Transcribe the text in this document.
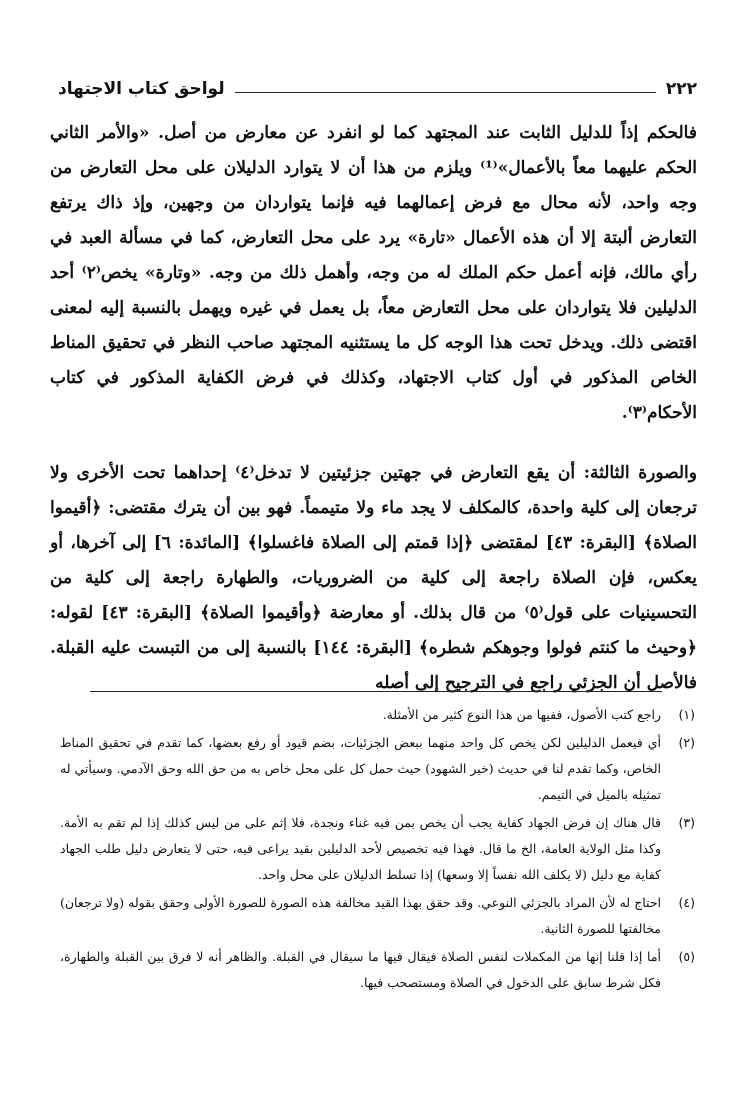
٢٢٢
لواحق كتاب الاجتهاد

فالحكم إذاً للدليل الثابت عند المجتهد كما لو انفرد عن معارض من أصل. «والأمر الثاني الحكم عليهما معاً بالأعمال»⁽¹⁾ ويلزم من هذا أن لا يتوارد الدليلان على محل التعارض من وجه واحد، لأنه محال مع فرض إعمالهما فيه فإنما يتواردان من وجهين، وإذ ذاك يرتفع التعارض ألبتة إلا أن هذه الأعمال «تارة» يرد على محل التعارض، كما في مسألة العبد في رأي مالك، فإنه أعمل حكم الملك له من وجه، وأهمل ذلك من وجه. «وتارة» يخص⁽٢⁾ أحد الدليلين فلا يتواردان على محل التعارض معاً، بل يعمل في غيره ويهمل بالنسبة إليه لمعنى اقتضى ذلك. ويدخل تحت هذا الوجه كل ما يستثنيه المجتهد صاحب النظر في تحقيق المناط الخاص المذكور في أول كتاب الاجتهاد، وكذلك في فرض الكفاية المذكور في كتاب الأحكام⁽٣⁾.

والصورة الثالثة: أن يقع التعارض في جهتين جزئيتين لا تدخل⁽٤⁾ إحداهما تحت الأخرى ولا ترجعان إلى كلية واحدة، كالمكلف لا يجد ماء ولا متيمماً. فهو بين أن يترك مقتضى: ﴿أقيموا الصلاة﴾ [البقرة: ٤٣] لمقتضى ﴿إذا قمتم إلى الصلاة فاغسلوا﴾ [المائدة: ٦] إلى آخرها، أو يعكس، فإن الصلاة راجعة إلى كلية من الضروريات، والطهارة راجعة إلى كلية من التحسينيات على قول⁽٥⁾ من قال بذلك. أو معارضة ﴿وأقيموا الصلاة﴾ [البقرة: ٤٣] لقوله: ﴿وحيث ما كنتم فولوا وجوهكم شطره﴾ [البقرة: ١٤٤] بالنسبة إلى من التبست عليه القبلة. فالأصل أن الجزئي راجع في الترجيح إلى أصله

(١)
راجع كتب الأصول، ففيها من هذا النوع كثير من الأمثلة.
(٢)
أي فيعمل الدليلين لكن يخص كل واحد منهما ببعض الجزئيات، بضم قيود أو رفع بعضها، كما تقدم في تحقيق المناط الخاص، وكما تقدم لنا في حديث (خير الشهود) حيث حمل كل على محل خاص به من حق الله وحق الآدمي. وسيأتي له تمثيله بالميل في التيمم.
(٣)
قال هناك إن فرض الجهاد كفاية يجب أن يخص بمن فيه غناء ونجدة، فلا إثم على من ليس كذلك إذا لم تقم به الأمة. وكذا مثل الولاية العامة، الخ ما قال. فهذا فيه تخصيص لأحد الدليلين بقيد يراعى فيه، حتى لا يتعارض دليل طلب الجهاد كفاية مع دليل (لا يكلف الله نفساً إلا وسعها) إذا تسلط الدليلان على محل واحد.
(٤)
احتاج له لأن المراد بالجزئي النوعي. وقد حقق بهذا القيد مخالفة هذه الصورة للصورة الأولى وحقق بقوله (ولا ترجعان) مخالفتها للصورة الثانية.
(٥)
أما إذا قلنا إنها من المكملات لنفس الصلاة فيقال فيها ما سيقال في القبلة. والظاهر أنه لا فرق بين القبلة والطهارة، فكل شرط سابق على الدخول في الصلاة ومستصحب فيها.
